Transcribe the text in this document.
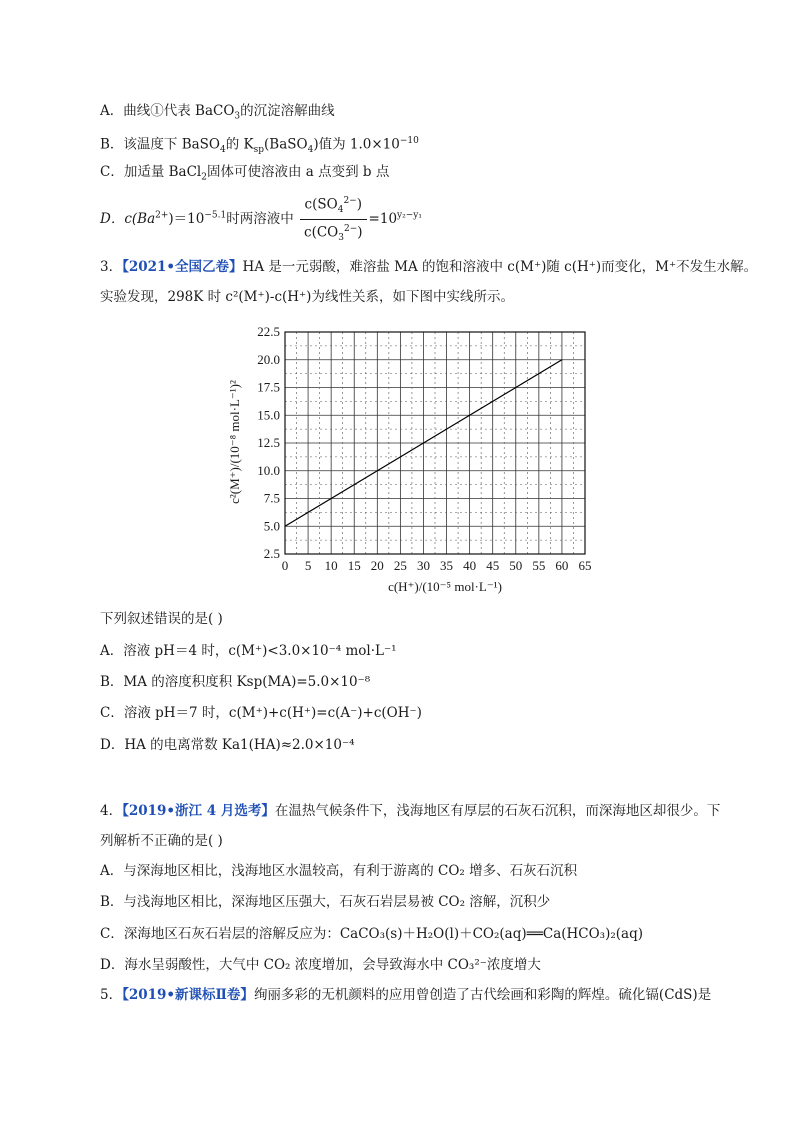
A．曲线①代表 BaCO$_3$的沉淀溶解曲线
B．该温度下 BaSO$_4$的 $K_{sp}(BaSO_4)$值为 $1.0\times 10^{-10}$
C．加适量 BaCl$_2$固体可使溶液由 a 点变到 b 点
D．$c(Ba^{2+})=10^{-5.1}$时两溶液中 $\frac{c(SO_4^{2-})}{c(CO_3^{2-})} =10^{y_2-y_1}$
3．【2021•全国乙卷】HA 是一元弱酸，难溶盐 MA 的饱和溶液中 c(M⁺)随 c(H⁺)而变化，M⁺不发生水解。
实验发现，298K 时 c²(M⁺)-c(H⁺)为线性关系，如下图中实线所示。
0 5 10 15 20 25 30 35 40 45 50 55 60 65
2.5
5.0
7.5
10.0
12.5
15.0
17.5
20.0
22.5
c(H⁺)/(10⁻⁵ mol·L⁻¹)
c²(M⁺)/(10⁻⁸ mol·L⁻¹)²
下列叙述错误的是( )
A．溶液 pH＝4 时，c(M⁺)<3.0×10⁻⁴ mol·L⁻¹
B．MA 的溶度积度积 Ksp(MA)=5.0×10⁻⁸
C．溶液 pH＝7 时，c(M⁺)+c(H⁺)=c(A⁻)+c(OH⁻)
D．HA 的电离常数 Ka1(HA)≈2.0×10⁻⁴
4．【2019•浙江 4 月选考】在温热气候条件下，浅海地区有厚层的石灰石沉积，而深海地区却很少。下
列解析不正确的是( )
A．与深海地区相比，浅海地区水温较高，有利于游离的 CO₂ 增多、石灰石沉积
B．与浅海地区相比，深海地区压强大，石灰石岩层易被 CO₂ 溶解，沉积少
C．深海地区石灰石岩层的溶解反应为：CaCO₃(s)＋H₂O(l)＋CO₂(aq)══Ca(HCO₃)₂(aq)
D．海水呈弱酸性，大气中 CO₂ 浓度增加，会导致海水中 CO₃²⁻浓度增大
5．【2019•新课标Ⅱ卷】绚丽多彩的无机颜料的应用曾创造了古代绘画和彩陶的辉煌。硫化镉(CdS)是
